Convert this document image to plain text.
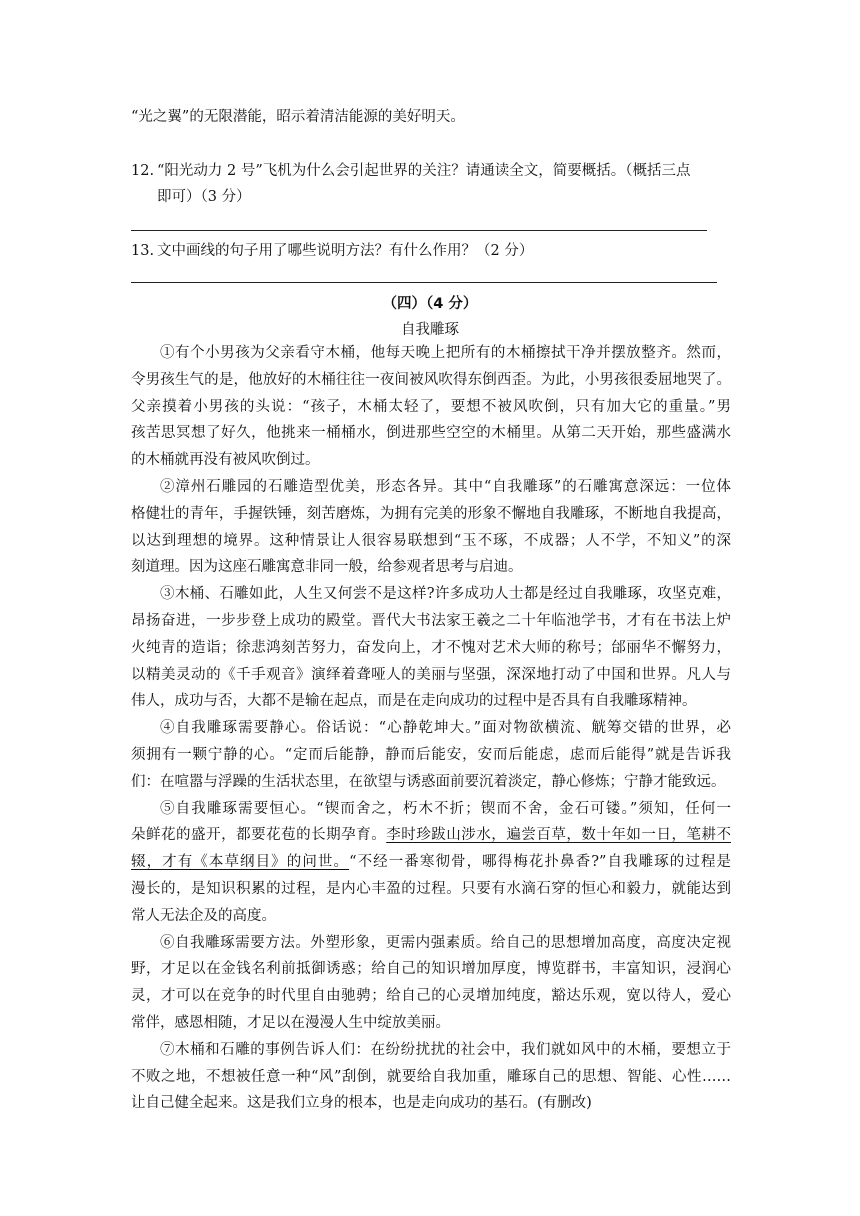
“光之翼”的无限潜能，昭示着清洁能源的美好明天。
12. “阳光动力 2 号”飞机为什么会引起世界的关注？请通读全文，简要概括。（概括三点
即可）（3 分）
13. 文中画线的句子用了哪些说明方法？有什么作用？（2 分）
（四）（4 分）
自我雕琢
①有个小男孩为父亲看守木桶，他每天晚上把所有的木桶擦拭干净并摆放整齐。然而，
令男孩生气的是，他放好的木桶往往一夜间被风吹得东倒西歪。为此，小男孩很委屈地哭了。
父亲摸着小男孩的头说：“孩子，木桶太轻了，要想不被风吹倒，只有加大它的重量。”男
孩苦思冥想了好久，他挑来一桶桶水，倒进那些空空的木桶里。从第二天开始，那些盛满水
的木桶就再没有被风吹倒过。
②漳州石雕园的石雕造型优美，形态各异。其中“自我雕琢”的石雕寓意深远：一位体
格健壮的青年，手握铁锤，刻苦磨炼，为拥有完美的形象不懈地自我雕琢，不断地自我提高，
以达到理想的境界。这种情景让人很容易联想到“玉不琢，不成器；人不学，不知义”的深
刻道理。因为这座石雕寓意非同一般，给参观者思考与启迪。
③木桶、石雕如此，人生又何尝不是这样?许多成功人士都是经过自我雕琢，攻坚克难，
昂扬奋进，一步步登上成功的殿堂。晋代大书法家王羲之二十年临池学书，才有在书法上炉
火纯青的造诣；徐悲鸿刻苦努力，奋发向上，才不愧对艺术大师的称号；邰丽华不懈努力，
以精美灵动的《千手观音》演绎着聋哑人的美丽与坚强，深深地打动了中国和世界。凡人与
伟人，成功与否，大都不是输在起点，而是在走向成功的过程中是否具有自我雕琢精神。
④自我雕琢需要静心。俗话说：“心静乾坤大。”面对物欲横流、觥筹交错的世界，必
须拥有一颗宁静的心。“定而后能静，静而后能安，安而后能虑，虑而后能得”就是告诉我
们：在喧嚣与浮躁的生活状态里，在欲望与诱惑面前要沉着淡定，静心修炼；宁静才能致远。
⑤自我雕琢需要恒心。“锲而舍之，朽木不折；锲而不舍，金石可镂。”须知，任何一
朵鲜花的盛开，都要花苞的长期孕育。李时珍跋山涉水，遍尝百草，数十年如一日，笔耕不
辍，才有《本草纲目》的问世。“不经一番寒彻骨，哪得梅花扑鼻香?”自我雕琢的过程是
漫长的，是知识积累的过程，是内心丰盈的过程。只要有水滴石穿的恒心和毅力，就能达到
常人无法企及的高度。
⑥自我雕琢需要方法。外塑形象，更需内强素质。给自己的思想增加高度，高度决定视
野，才足以在金钱名利前抵御诱惑；给自己的知识增加厚度，博览群书，丰富知识，浸润心
灵，才可以在竞争的时代里自由驰骋；给自己的心灵增加纯度，豁达乐观，宽以待人，爱心
常伴，感恩相随，才足以在漫漫人生中绽放美丽。
⑦木桶和石雕的事例告诉人们：在纷纷扰扰的社会中，我们就如风中的木桶，要想立于
不败之地，不想被任意一种“风”刮倒，就要给自我加重，雕琢自己的思想、智能、心性……
让自己健全起来。这是我们立身的根本，也是走向成功的基石。(有删改)
